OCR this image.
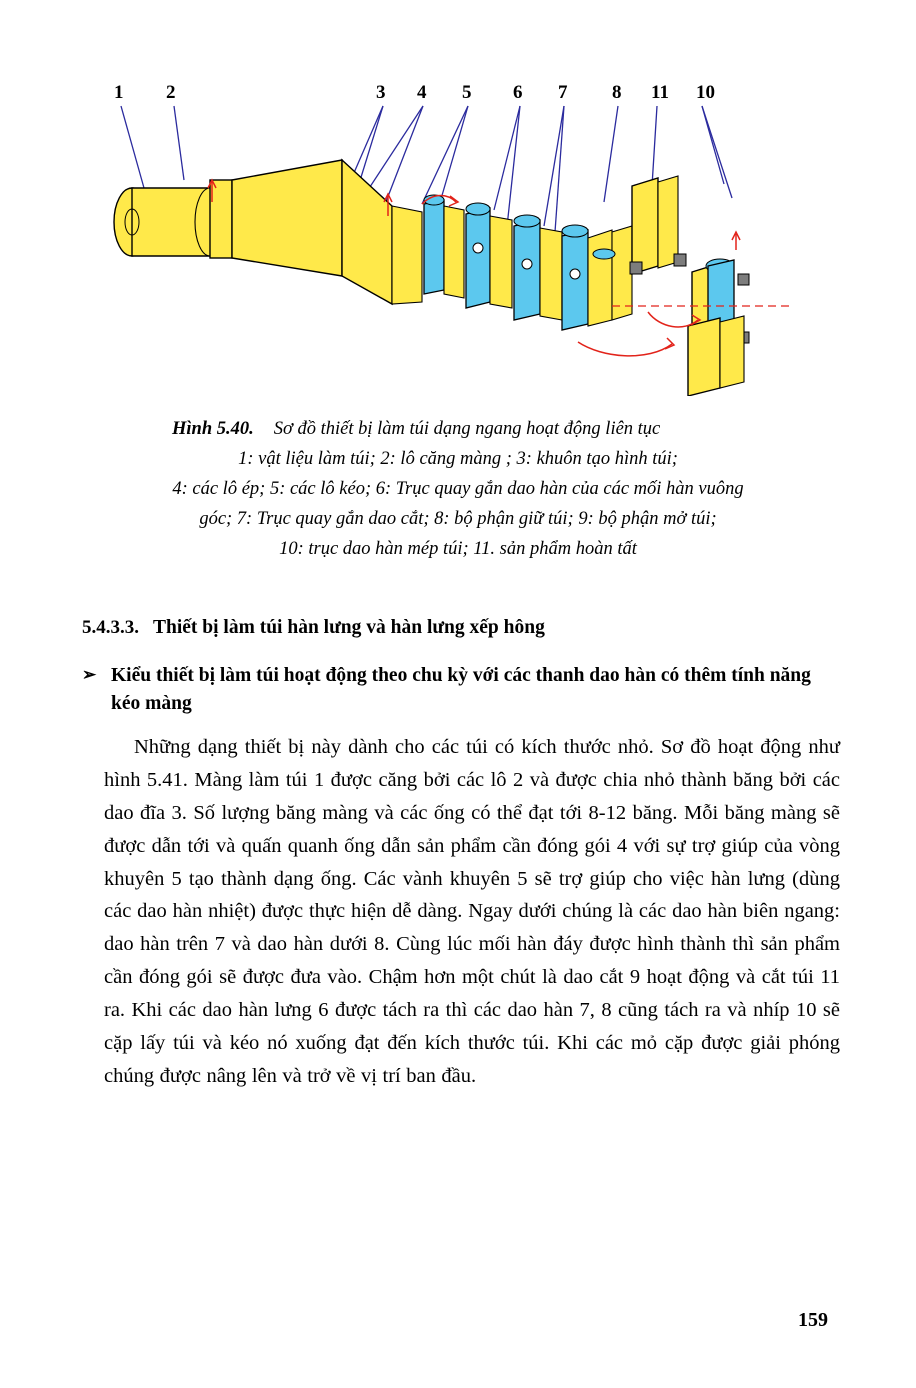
1 2	3 4 5 6 7 8 11 10
Hình 5.40. Sơ đồ thiết bị làm túi dạng ngang hoạt động liên tục
1: vật liệu làm túi; 2: lô căng màng ; 3: khuôn tạo hình túi;
4: các lô ép; 5: các lô kéo; 6: Trục quay gắn dao hàn của các mối hàn vuông
góc; 7: Trục quay gắn dao cắt; 8: bộ phận giữ túi; 9: bộ phận mở túi;
10: trục dao hàn mép túi; 11. sản phẩm hoàn tất
5.4.3.3. Thiết bị làm túi hàn lưng và hàn lưng xếp hông
➢ Kiểu thiết bị làm túi hoạt động theo chu kỳ với các thanh dao hàn có thêm tính năng kéo màng
Những dạng thiết bị này dành cho các túi có kích thước nhỏ. Sơ đồ hoạt động như hình 5.41. Màng làm túi 1 được căng bởi các lô 2 và được chia nhỏ thành băng bởi các dao đĩa 3. Số lượng băng màng và các ống có thể đạt tới 8-12 băng. Mỗi băng màng sẽ được dẫn tới và quấn quanh ống dẫn sản phẩm cần đóng gói 4 với sự trợ giúp của vòng khuyên 5 tạo thành dạng ống. Các vành khuyên 5 sẽ trợ giúp cho việc hàn lưng (dùng các dao hàn nhiệt) được thực hiện dễ dàng. Ngay dưới chúng là các dao hàn biên ngang: dao hàn trên 7 và dao hàn dưới 8. Cùng lúc mối hàn đáy được hình thành thì sản phẩm cần đóng gói sẽ được đưa vào. Chậm hơn một chút là dao cắt 9 hoạt động và cắt túi 11 ra. Khi các dao hàn lưng 6 được tách ra thì các dao hàn 7, 8 cũng tách ra và nhíp 10 sẽ cặp lấy túi và kéo nó xuống đạt đến kích thước túi. Khi các mỏ cặp được giải phóng chúng được nâng lên và trở về vị trí ban đầu.
159
